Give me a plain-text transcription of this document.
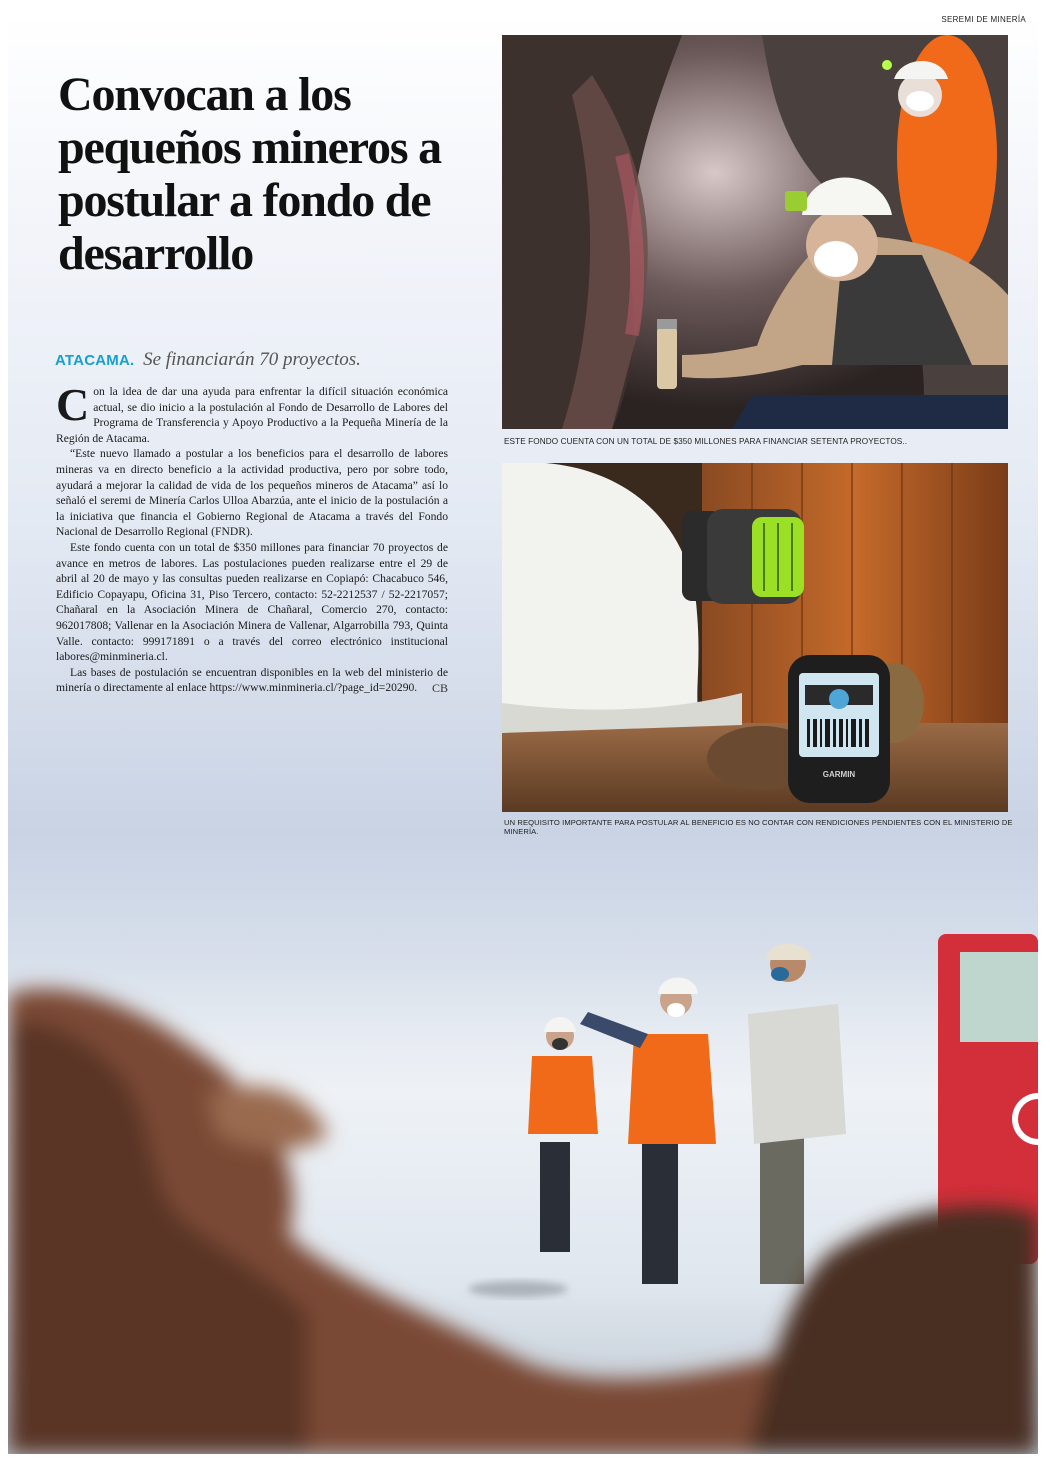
SEREMI DE MINERÍA
Convocan a los pequeños mineros a postular a fondo de desarrollo
ATACAMA. Se financiarán 70 proyectos.

Con la idea de dar una ayuda para enfrentar la difícil situación económica actual, se dio inicio a la postulación al Fondo de Desarrollo de Labores del Programa de Transferencia y Apoyo Productivo a la Pequeña Minería de la Región de Atacama.

“Este nuevo llamado a postular a los beneficios para el desarrollo de labores mineras va en directo beneficio a la actividad productiva, pero por sobre todo, ayudará a mejorar la calidad de vida de los pequeños mineros de Atacama” así lo señaló el seremi de Minería Carlos Ulloa Abarzúa, ante el inicio de la postulación a la iniciativa que financia el Gobierno Regional de Atacama a través del Fondo Nacional de Desarrollo Regional (FNDR).

Este fondo cuenta con un total de $350 millones para financiar 70 proyectos de avance en metros de labores. Las postulaciones pueden realizarse entre el 29 de abril al 20 de mayo y las consultas pueden realizarse en Copiapó: Chacabuco 546, Edificio Copayapu, Oficina 31, Piso Tercero, contacto: 52-2212537 / 52-2217057; Chañaral en la Asociación Minera de Chañaral, Comercio 270, contacto: 962017808; Vallenar en la Asociación Minera de Vallenar, Algarrobilla 793, Quinta Valle. contacto: 999171891 o a través del correo electrónico institucional labores@minmineria.cl.

Las bases de postulación se encuentran disponibles en la web del ministerio de minería o directamente al enlace https://www.minmineria.cl/?page_id=20290.	CB

ESTE FONDO CUENTA CON UN TOTAL DE $350 MILLONES PARA FINANCIAR SETENTA PROYECTOS..
GARMIN
UN REQUISITO IMPORTANTE PARA POSTULAR AL BENEFICIO ES NO CONTAR CON RENDICIONES PENDIENTES CON EL MINISTERIO DE MINERÍA.
